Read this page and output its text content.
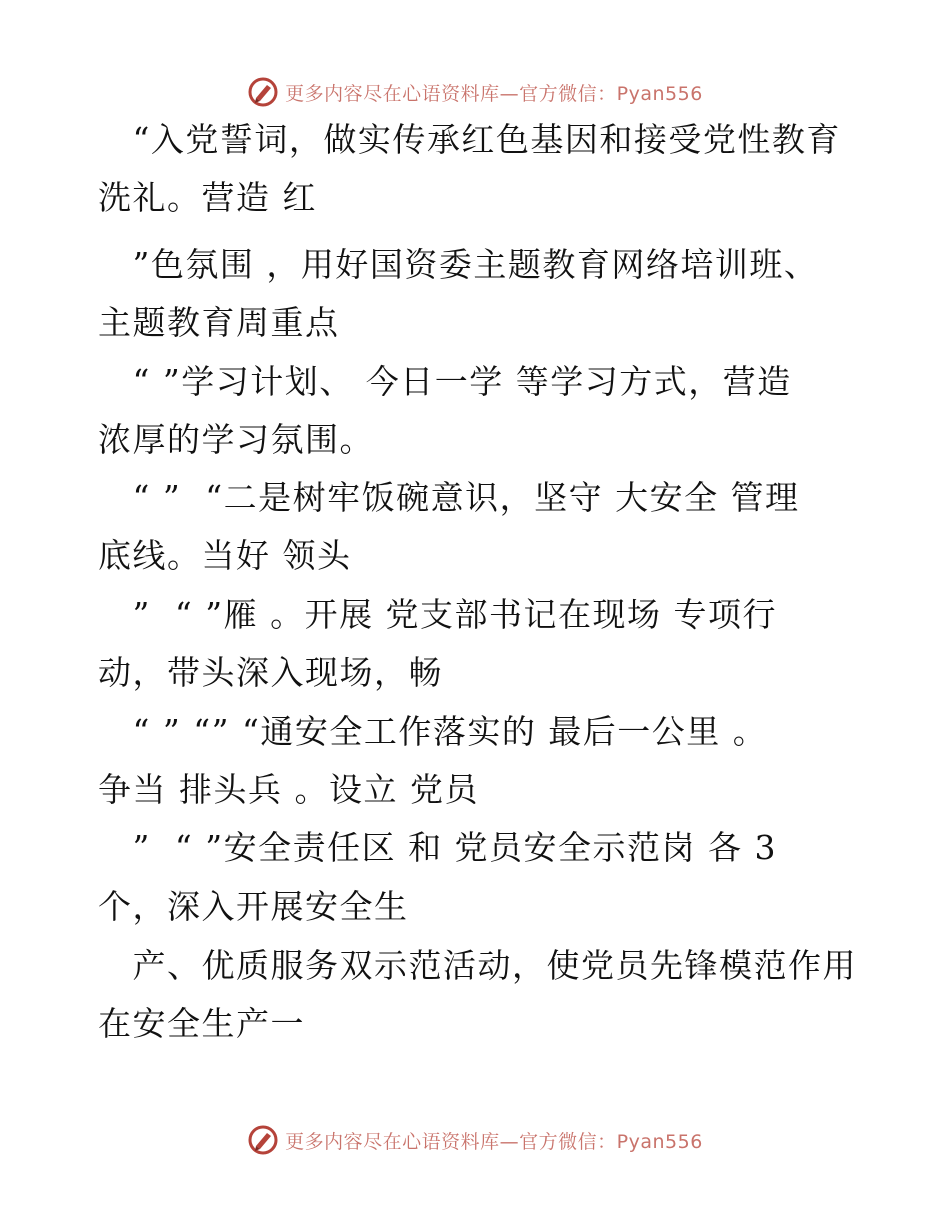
更多内容尽在心语资料库—官方微信：Pyan556
　“入党誓词，做实传承红色基因和接受党性教育
洗礼。营造 红
　”色氛围 ，用好国资委主题教育网络培训班、
主题教育周重点
　“ ”学习计划、 今日一学 等学习方式，营造
浓厚的学习氛围。
　“ ”  “二是树牢饭碗意识，坚守 大安全 管理
底线。当好 领头
　”  “ ”雁 。开展 党支部书记在现场 专项行
动，带头深入现场，畅
　“ ” “” “通安全工作落实的 最后一公里 。
争当 排头兵 。设立 党员
　”  “ ”安全责任区 和 党员安全示范岗 各 3
个，深入开展安全生
　产、优质服务双示范活动，使党员先锋模范作用
在安全生产一
更多内容尽在心语资料库—官方微信：Pyan556
